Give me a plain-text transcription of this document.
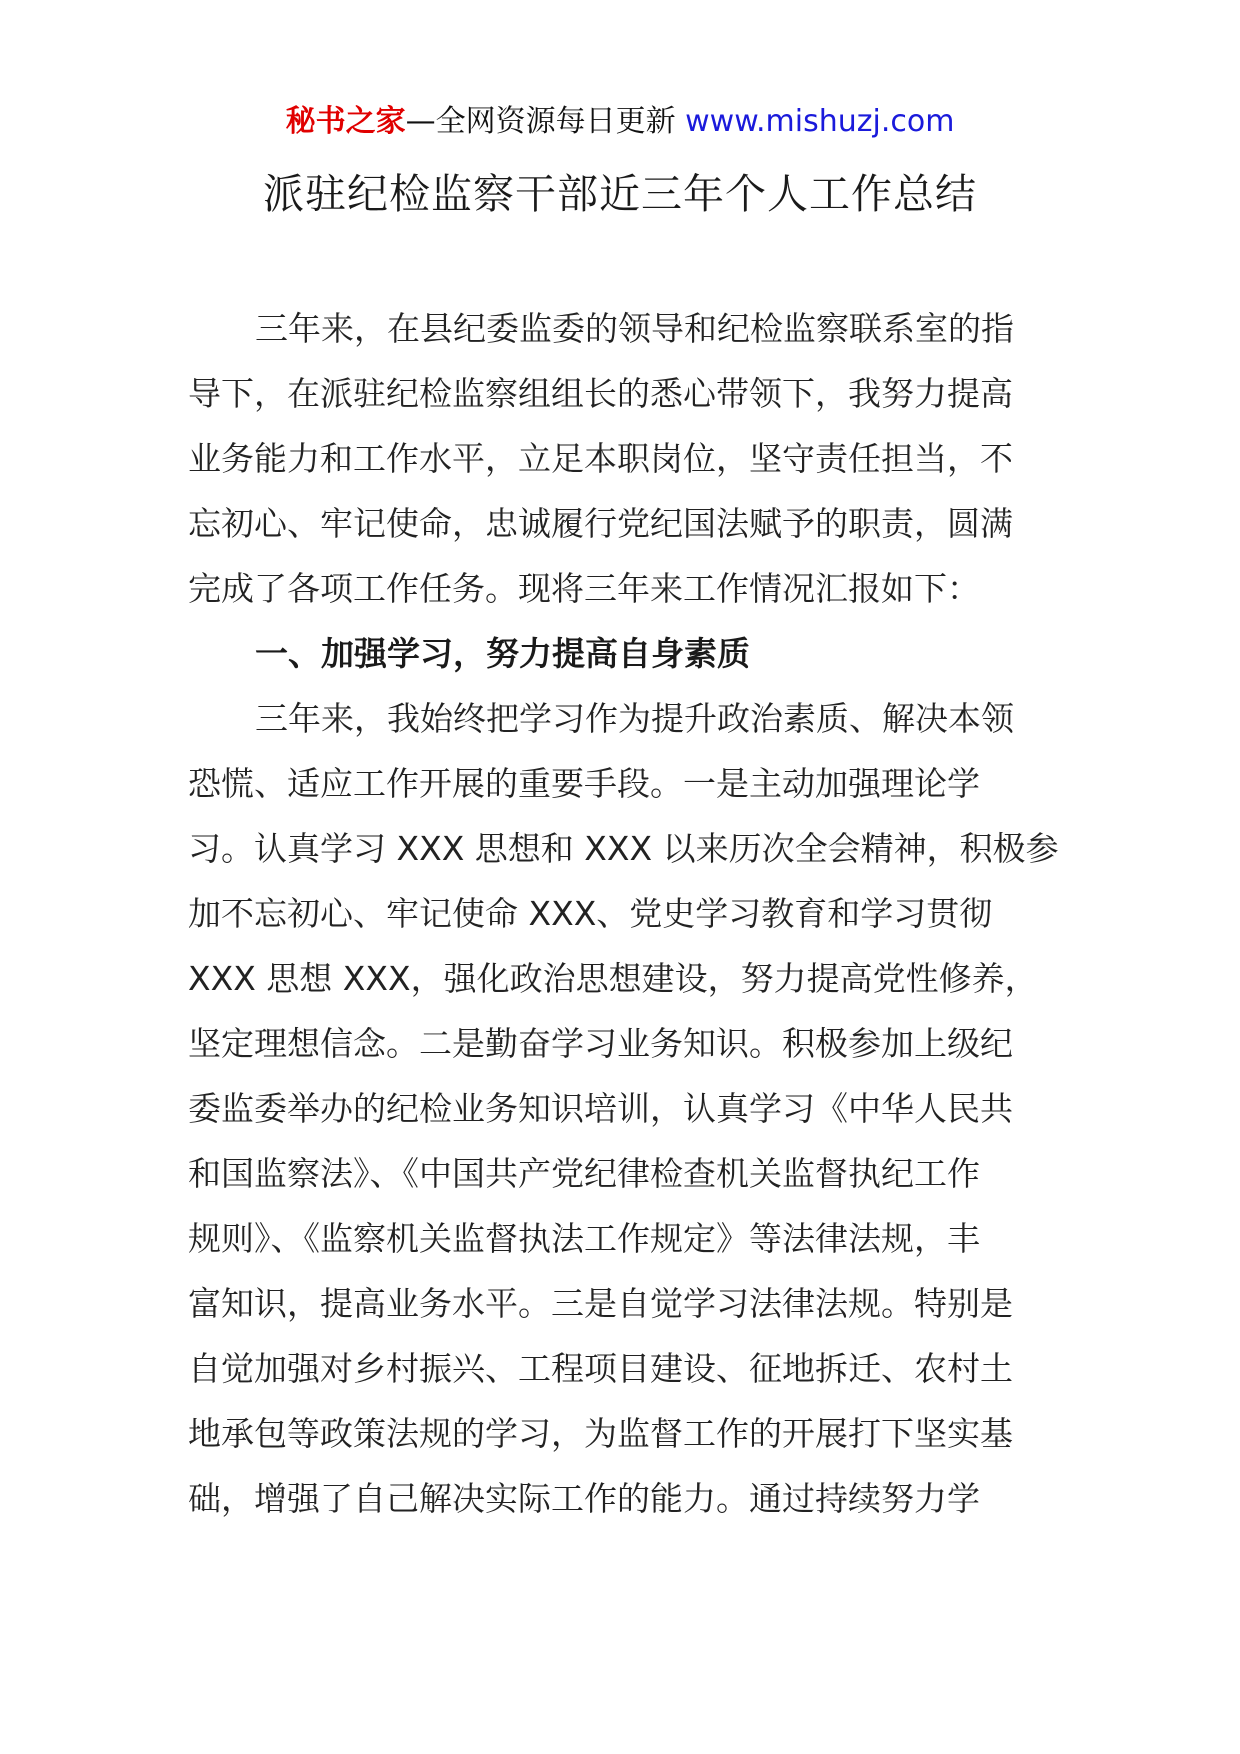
秘书之家—全网资源每日更新 www.mishuzj.com
派驻纪检监察干部近三年个人工作总结
三年来，在县纪委监委的领导和纪检监察联系室的指
导下，在派驻纪检监察组组长的悉心带领下，我努力提高
业务能力和工作水平，立足本职岗位，坚守责任担当，不
忘初心、牢记使命，忠诚履行党纪国法赋予的职责，圆满
完成了各项工作任务。现将三年来工作情况汇报如下：
一、加强学习，努力提高自身素质
三年来，我始终把学习作为提升政治素质、解决本领
恐慌、适应工作开展的重要手段。一是主动加强理论学
习。认真学习 XXX 思想和 XXX 以来历次全会精神，积极参
加不忘初心、牢记使命 XXX、党史学习教育和学习贯彻
XXX 思想 XXX，强化政治思想建设，努力提高党性修养，
坚定理想信念。二是勤奋学习业务知识。积极参加上级纪
委监委举办的纪检业务知识培训，认真学习《中华人民共
和国监察法》、《中国共产党纪律检查机关监督执纪工作
规则》、《监察机关监督执法工作规定》等法律法规，丰
富知识，提高业务水平。三是自觉学习法律法规。特别是
自觉加强对乡村振兴、工程项目建设、征地拆迁、农村土
地承包等政策法规的学习，为监督工作的开展打下坚实基
础，增强了自己解决实际工作的能力。通过持续努力学
